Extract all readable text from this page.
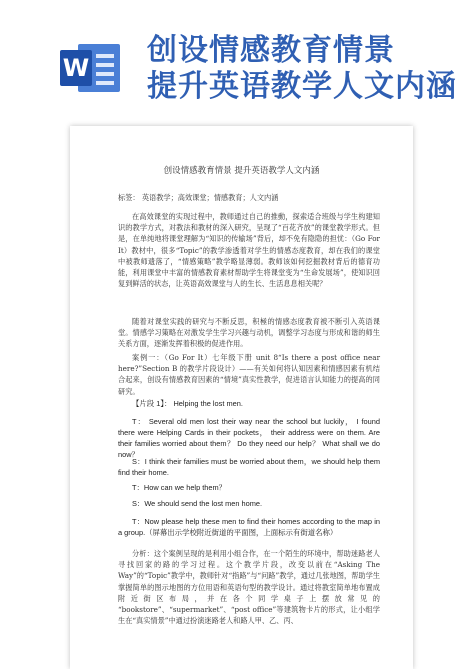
W 创设情感教育情景
提升英语教学人文内涵
创设情感教育情景 提升英语教学人文内涵

标签： 英语教学；高效课堂；情感教育；人文内涵

在高效课堂的实现过程中，教师通过自己的推動，探索适合班级与学生构建知识的教学方式，对教法和教材的深入研究，呈现了“百花齐放”的课堂教学形式。但是，在单纯地将课堂理解为“知识的传输场”背后，却不免有隐隐的担忧：（Go For It）教材中，很多“Topic”的教学渗透着对学生的情感态度教育，却在我们的课堂中被教师遗落了，“情感策略”教学略显薄弱。教师该如何挖掘教材背后的德育功能，利用课堂中丰富的情感教育素材帮助学生将课堂变为“生命发展场”，使知识回复到鲜活的状态，让英语高效课堂与人的生长、生活息息相关呢？

随着对课堂实践的研究与不断反思，积極的情感态度教育被不断引入英语课堂。情感学习策略在对激发学生学习兴趣与动机，调整学习态度与形成和谐的师生关系方面，逐渐发挥着积极的促进作用。

案例一：（Go For It）七年级下册 unit 8“Is there a post office near here?”Section B 的教学片段设计）——有关如何将认知因素和情感因素有机结合起来，创设有情感教育因素的“情境”真实性教学，促进语言认知能力的提高的同研究。

【片段 1】： Helping the lost men.

T： Several old men lost their way near the school but luckily， I found there were Helping Cards in their pockets， their address were on them. Are their families worried about them？ Do they need our help？ What shall we do now？

S：I think their families must be worried about them，we should help them find their home.

T：How can we help them？

S：We should send the lost men home.

T：Now please help these men to find their homes according to the map in a group.（屏幕出示学校附近街道的平面图，上面标示有街道名称）

分析：这个案例呈现的是利用小组合作，在一个陌生的环境中，帮助迷路老人寻找回家的路的学习过程。这个教学片段，改变以前在“Asking The Way”的“Topic”教学中，教师针对“指路”与“问路”教学，通过几张地图，帮助学生掌握简单的图示地图的方位用语和英语句型的教学设计。通过将教室简单地布置成附近街区布局，并在各个同学桌子上摆放常见的 “bookstore”、“supermarket”、“post office”等建筑物卡片的形式，让小组学生在“真实情景”中通过扮演迷路老人和路人甲、乙、丙、
